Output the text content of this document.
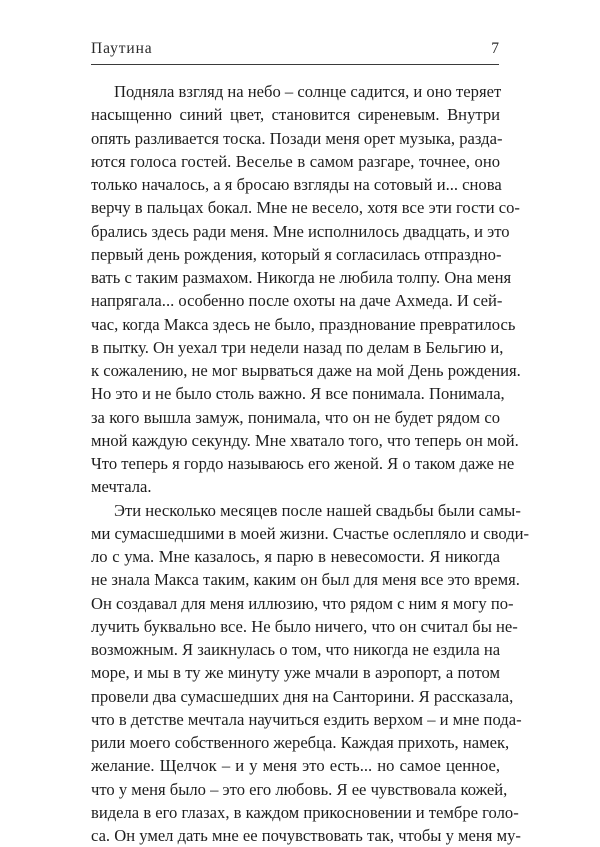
Паутина	7

Подняла взгляд на небо – солнце садится, и оно теряет
насыщенно синий цвет, становится сиреневым. Внутри
опять разливается тоска. Позади меня орет музыка, разда-
ются голоса гостей. Веселье в самом разгаре, точнее, оно
только началось, а я бросаю взгляды на сотовый и... снова
верчу в пальцах бокал. Мне не весело, хотя все эти гости со-
брались здесь ради меня. Мне исполнилось двадцать, и это
первый день рождения, который я согласилась отпраздно-
вать с таким размахом. Никогда не любила толпу. Она меня
напрягала... особенно после охоты на даче Ахмеда. И сей-
час, когда Макса здесь не было, празднование превратилось
в пытку. Он уехал три недели назад по делам в Бельгию и,
к сожалению, не мог вырваться даже на мой День рождения.
Но это и не было столь важно. Я все понимала. Понимала,
за кого вышла замуж, понимала, что он не будет рядом со
мной каждую секунду. Мне хватало того, что теперь он мой.
Что теперь я гордо называюсь его женой. Я о таком даже не
мечтала.

Эти несколько месяцев после нашей свадьбы были самы-
ми сумасшедшими в моей жизни. Счастье ослепляло и своди-
ло с ума. Мне казалось, я парю в невесомости. Я никогда
не знала Макса таким, каким он был для меня все это время.
Он создавал для меня иллюзию, что рядом с ним я могу по-
лучить буквально все. Не было ничего, что он считал бы не-
возможным. Я заикнулась о том, что никогда не ездила на
море, и мы в ту же минуту уже мчали в аэропорт, а потом
провели два сумасшедших дня на Санторини. Я рассказала,
что в детстве мечтала научиться ездить верхом – и мне пода-
рили моего собственного жеребца. Каждая прихоть, намек,
желание. Щелчок – и у меня это есть... но самое ценное,
что у меня было – это его любовь. Я ее чувствовала кожей,
видела в его глазах, в каждом прикосновении и тембре голо-
са. Он умел дать мне ее почувствовать так, чтобы у меня му-
